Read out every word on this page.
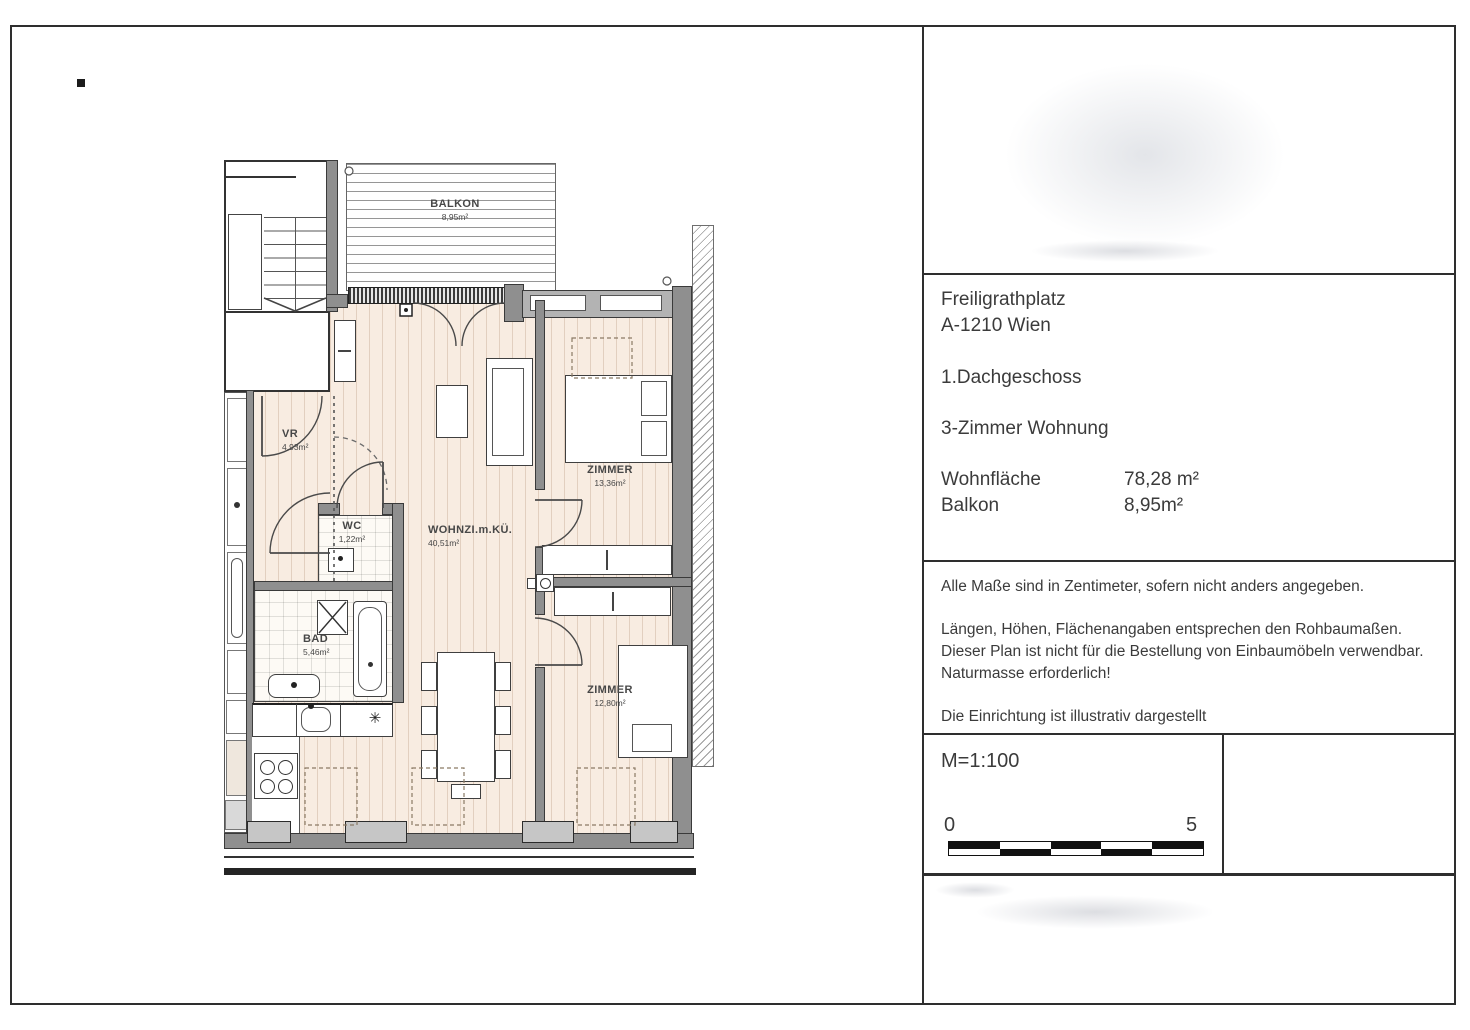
✳
BALKON
8,95m²
VR
4,93m²
WC
1,22m²
BAD
5,46m²
WOHNZI.m.KÜ.
40,51m²
ZIMMER
13,36m²
ZIMMER
12,80m²
Freiligrathplatz
A-1210 Wien
1.Dachgeschoss
3-Zimmer Wohnung
Wohnfläche	78,28 m²
Balkon	8,95m²
Alle Maße sind in Zentimeter, sofern nicht anders angegeben.
Längen, Höhen, Flächenangaben entsprechen den Rohbaumaßen.
Dieser Plan ist nicht für die Bestellung von Einbaumöbeln verwendbar.
Naturmasse erforderlich!
Die Einrichtung ist illustrativ dargestellt
M=1:100
0	5
